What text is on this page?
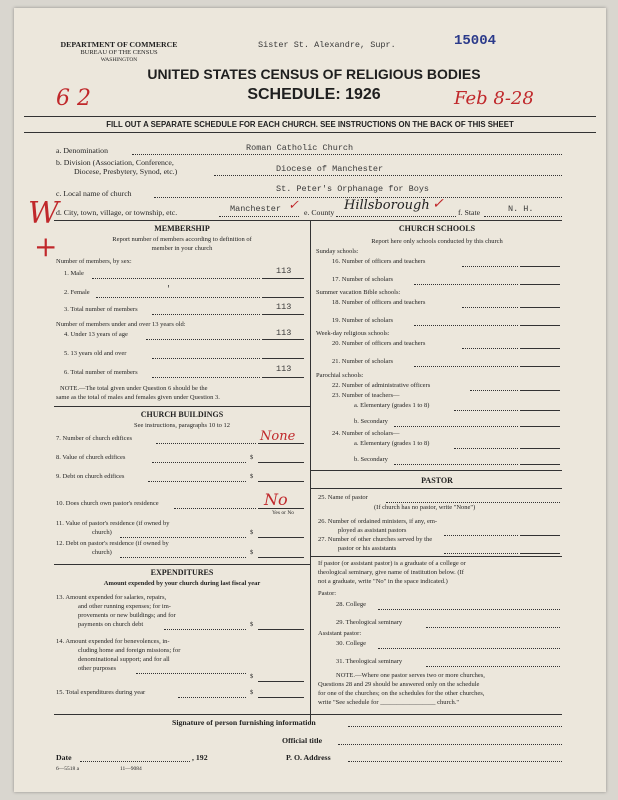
DEPARTMENT OF COMMERCE
BUREAU OF THE CENSUS
WASHINGTON
Sister St. Alexandre, Supr.	15004
UNITED STATES CENSUS OF RELIGIOUS BODIES
SCHEDULE: 1926
6 2	Feb 8-28
FILL OUT A SEPARATE SCHEDULE FOR EACH CHURCH. SEE INSTRUCTIONS ON THE BACK OF THIS SHEET
a. Denomination	Roman Catholic Church
b. Division (Association, Conference,
Diocese, Presbytery, Synod, etc.)	Diocese of Manchester
c. Local name of church	St. Peter's Orphanage for Boys
d. City, town, village, or township, etc.	Manchester ✓ e. County Hillsborough ✓
f. State	N. H.
W
+
MEMBERSHIP
Report number of members according to definition of
member in your church
Number of members, by sex:
1. Male	113
2. Female	'
3. Total number of members	113
Number of members under and over 13 years old:
4. Under 13 years of age	113
5. 13 years old and over
6. Total number of members	113
NOTE.—The total given under Question 6 should be the
same as the total of males and females given under Question 3.
CHURCH BUILDINGS
See instructions, paragraphs 10 to 12
7. Number of church edifices	None
8. Value of church edifices	$
9. Debt on church edifices	$
10. Does church own pastor's residence	No
Yes or No
11. Value of pastor's residence (if owned by
church)	$
12. Debt on pastor's residence (if owned by
church)	$
EXPENDITURES
Amount expended by your church during last fiscal year
13. Amount expended for salaries, repairs,
and other running expenses; for im-
provements or new buildings; and for
payments on church debt	$
14. Amount expended for benevolences, in-
cluding home and foreign missions; for
denominational support; and for all
other purposes
$
15. Total expenditures during year	$
CHURCH SCHOOLS
Report here only schools conducted by this church
Sunday schools:
16. Number of officers and teachers
17. Number of scholars
Summer vacation Bible schools:
18. Number of officers and teachers
19. Number of scholars
Week-day religious schools:
20. Number of officers and teachers
21. Number of scholars
Parochial schools:
22. Number of administrative officers
23. Number of teachers—
a. Elementary (grades 1 to 8)
b. Secondary
24. Number of scholars—
a. Elementary (grades 1 to 8)
b. Secondary
PASTOR
25. Name of pastor
(If church has no pastor, write "None")
26. Number of ordained ministers, if any, em-
ployed as assistant pastors
27. Number of other churches served by the
pastor or his assistants
If pastor (or assistant pastor) is a graduate of a college or
theological seminary, give name of institution below. (If
not a graduate, write "No" in the space indicated.)
Pastor:
28. College
29. Theological seminary
Assistant pastor:
30. College
31. Theological seminary
NOTE.—Where one pastor serves two or more churches,
Questions 28 and 29 should be answered only on the schedule
for one of the churches; on the schedules for the other churches,
write "See schedule for _________________ church."
Signature of person furnishing information
Official title
Date	, 192	P. O. Address
6—5518 a	11—9084
